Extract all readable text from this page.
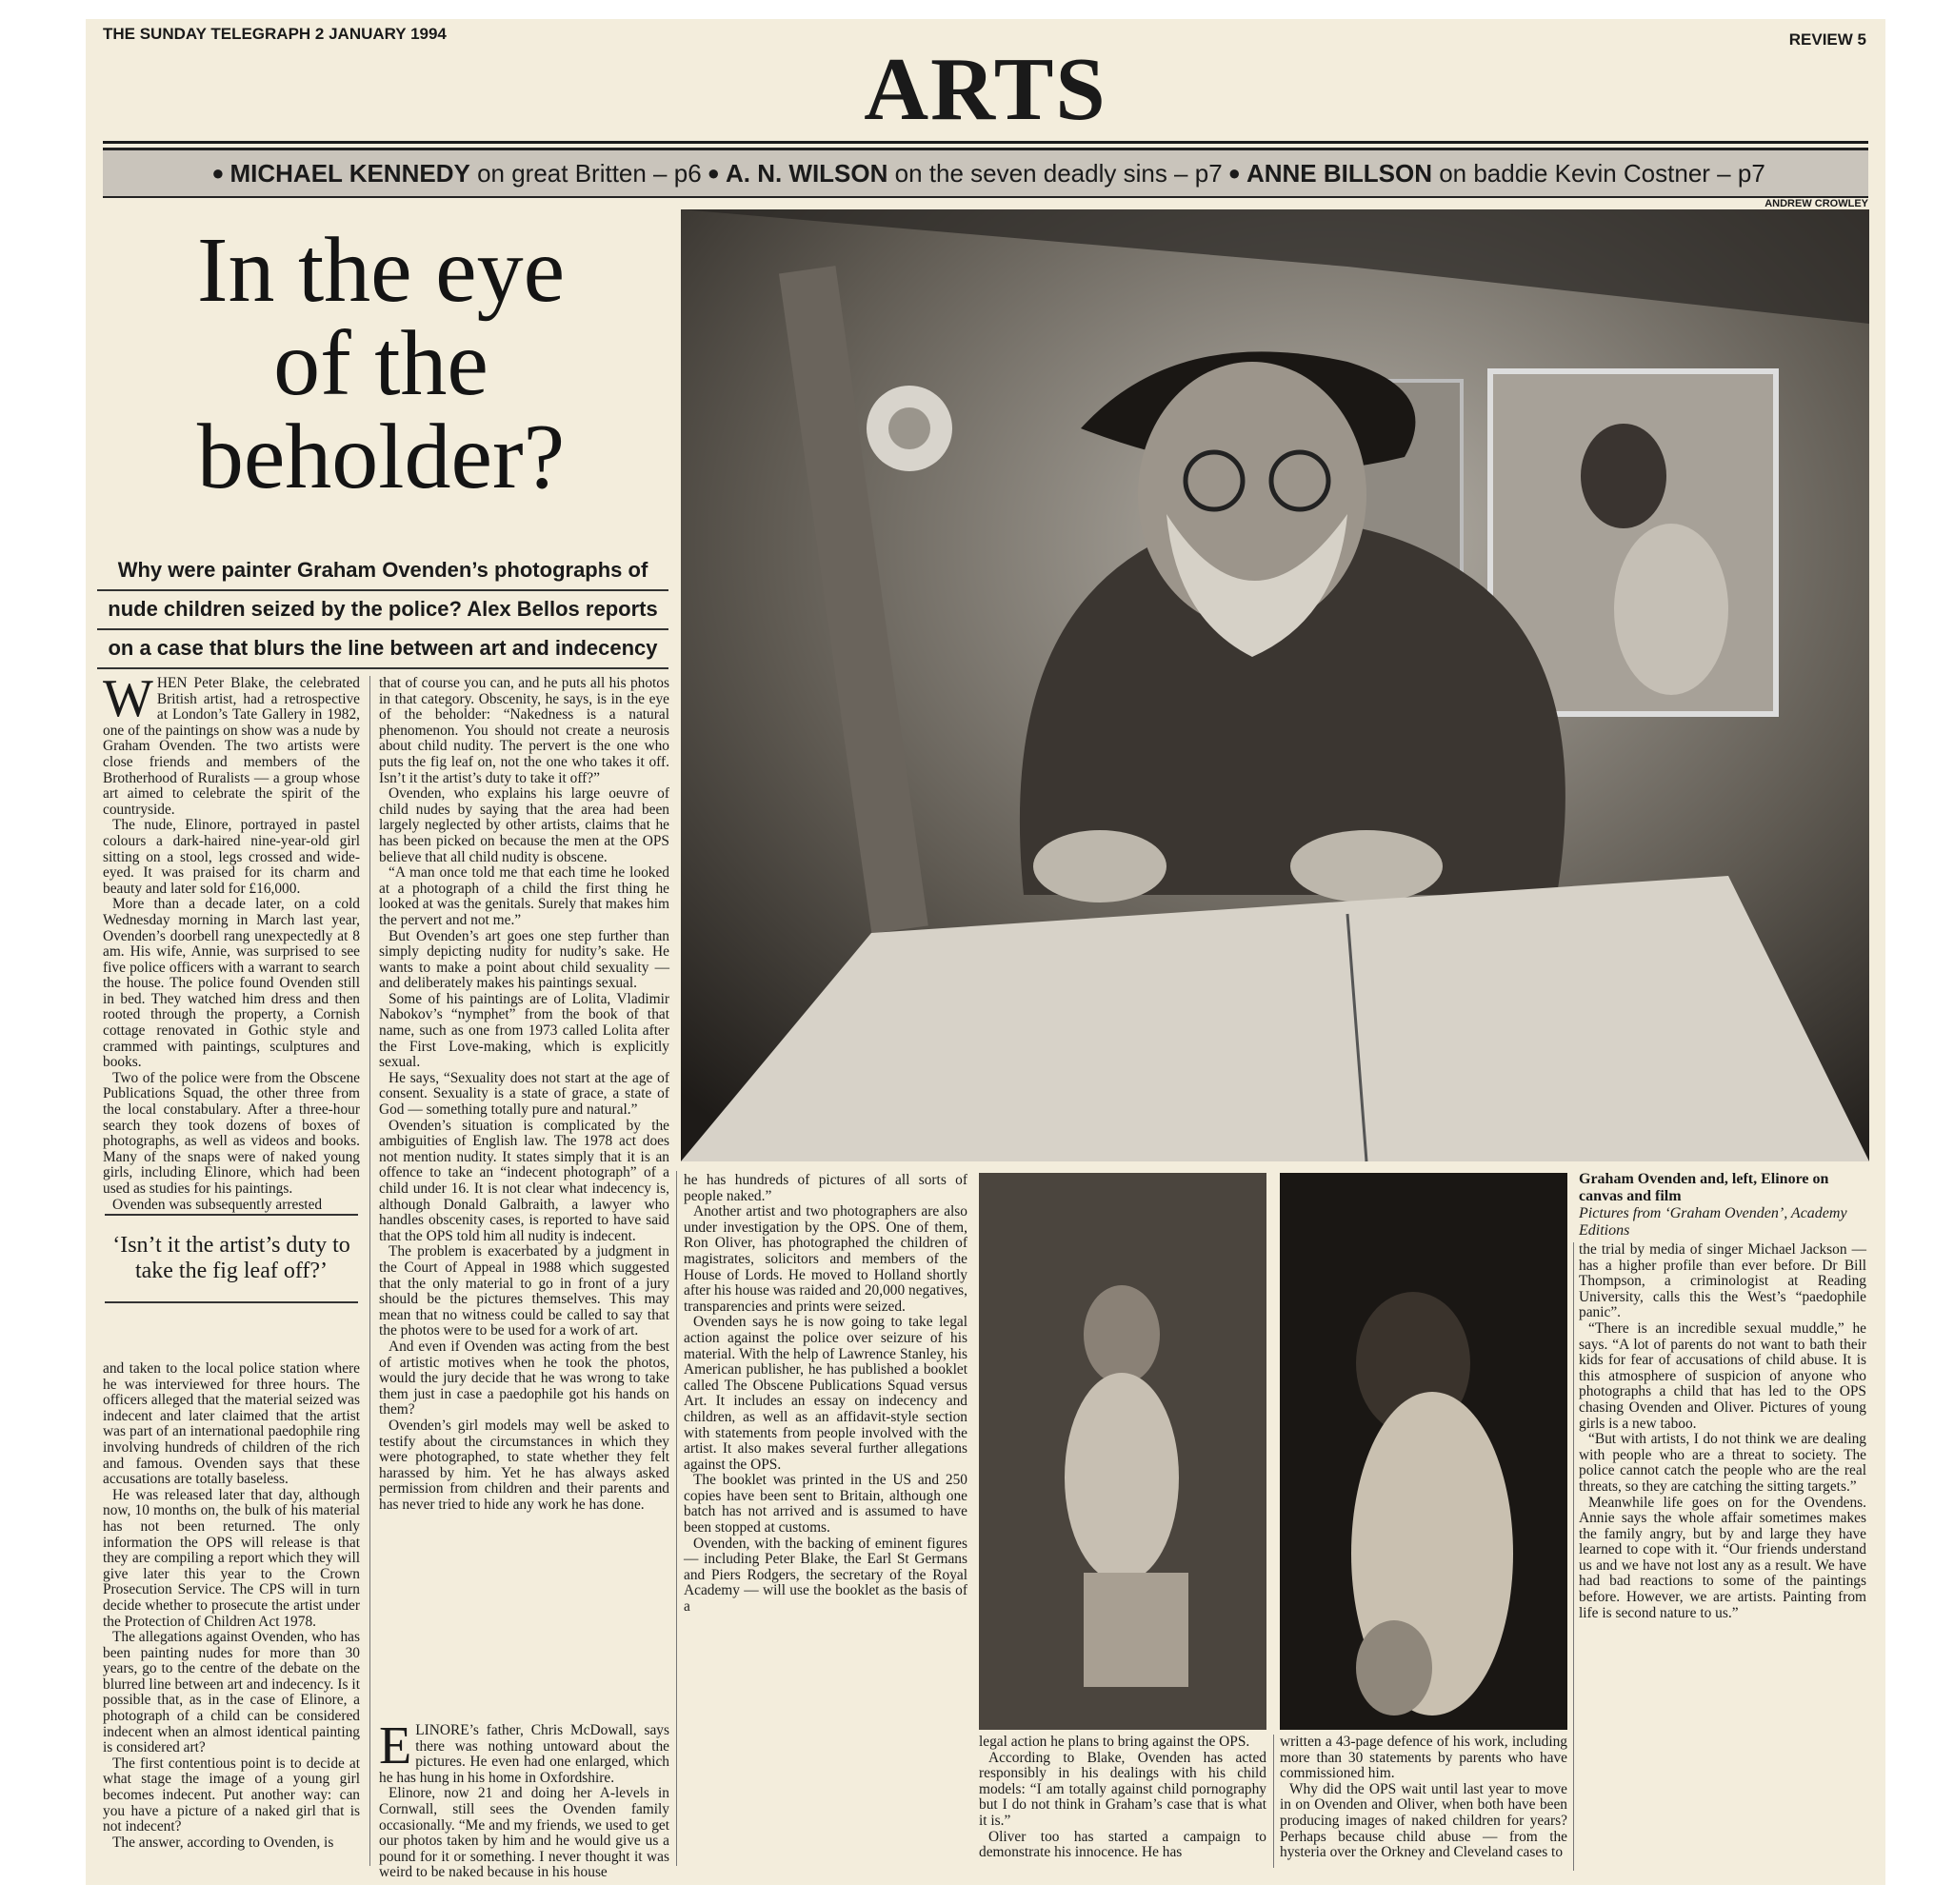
THE SUNDAY TELEGRAPH 2 JANUARY 1994	REVIEW 5
ARTS
● MICHAEL KENNEDY
on great Britten – p6 ● A. N. WILSON
on the seven deadly sins – p7 ● ANNE BILLSON
on baddie Kevin Costner – p7
ANDREW CROWLEY
In the eye
of the
beholder?
Why were painter Graham Ovenden’s photographs of
nude children seized by the police? Alex Bellos reports
on a case that blurs the line between art and indecency

WHEN Peter Blake, the celebrated British artist, had a retrospective at London’s Tate Gallery in 1982, one of the paintings on show was a nude by Graham Ovenden. The two artists were close friends and members of the Brotherhood of Ruralists — a group whose art aimed to celebrate the spirit of the countryside.

The nude, Elinore, portrayed in pastel colours a dark-haired nine-year-old girl sitting on a stool, legs crossed and wide-eyed. It was praised for its charm and beauty and later sold for £16,000.

More than a decade later, on a cold Wednesday morning in March last year, Ovenden’s doorbell rang unexpectedly at 8 am. His wife, Annie, was surprised to see five police officers with a warrant to search the house. The police found Ovenden still in bed. They watched him dress and then rooted through the property, a Cornish cottage renovated in Gothic style and crammed with paintings, sculptures and books.

Two of the police were from the Obscene Publications Squad, the other three from the local constabulary. After a three-hour search they took dozens of boxes of photographs, as well as videos and books. Many of the snaps were of naked young girls, including Elinore, which had been used as studies for his paintings.

Ovenden was subsequently arrested

‘Isn’t it the artist’s duty to take the fig leaf off?’

and taken to the local police station where he was interviewed for three hours. The officers alleged that the material seized was indecent and later claimed that the artist was part of an international paedophile ring involving hundreds of children of the rich and famous. Ovenden says that these accusations are totally baseless.

He was released later that day, although now, 10 months on, the bulk of his material has not been returned. The only information the OPS will release is that they are compiling a report which they will give later this year to the Crown Prosecution Service. The CPS will in turn decide whether to prosecute the artist under the Protection of Children Act 1978.

The allegations against Ovenden, who has been painting nudes for more than 30 years, go to the centre of the debate on the blurred line between art and indecency. Is it possible that, as in the case of Elinore, a photograph of a child can be considered indecent when an almost identical painting is considered art?

The first contentious point is to decide at what stage the image of a young girl becomes indecent. Put another way: can you have a picture of a naked girl that is not indecent?

The answer, according to Ovenden, is

that of course you can, and he puts all his photos in that category. Obscenity, he says, is in the eye of the beholder: “Nakedness is a natural phenomenon. You should not create a neurosis about child nudity. The pervert is the one who puts the fig leaf on, not the one who takes it off. Isn’t it the artist’s duty to take it off?”

Ovenden, who explains his large oeuvre of child nudes by saying that the area had been largely neglected by other artists, claims that he has been picked on because the men at the OPS believe that all child nudity is obscene.

“A man once told me that each time he looked at a photograph of a child the first thing he looked at was the genitals. Surely that makes him the pervert and not me.”

But Ovenden’s art goes one step further than simply depicting nudity for nudity’s sake. He wants to make a point about child sexuality — and deliberately makes his paintings sexual.

Some of his paintings are of Lolita, Vladimir Nabokov’s “nymphet” from the book of that name, such as one from 1973 called Lolita after the First Love-making, which is explicitly sexual.

He says, “Sexuality does not start at the age of consent. Sexuality is a state of grace, a state of God — something totally pure and natural.”

Ovenden’s situation is complicated by the ambiguities of English law. The 1978 act does not mention nudity. It states simply that it is an offence to take an “indecent photograph” of a child under 16. It is not clear what indecency is, although Donald Galbraith, a lawyer who handles obscenity cases, is reported to have said that the OPS told him all nudity is indecent.

The problem is exacerbated by a judgment in the Court of Appeal in 1988 which suggested that the only material to go in front of a jury should be the pictures themselves. This may mean that no witness could be called to say that the photos were to be used for a work of art.

And even if Ovenden was acting from the best of artistic motives when he took the photos, would the jury decide that he was wrong to take them just in case a paedophile got his hands on them?

Ovenden’s girl models may well be asked to testify about the circumstances in which they were photographed, to state whether they felt harassed by him. Yet he has always asked permission from children and their parents and has never tried to hide any work he has done.

ELINORE’s father, Chris McDowall, says there was nothing untoward about the pictures. He even had one enlarged, which he has hung in his home in Oxfordshire.

Elinore, now 21 and doing her A-levels in Cornwall, still sees the Ovenden family occasionally. “Me and my friends, we used to get our photos taken by him and he would give us a pound for it or something. I never thought it was weird to be naked because in his house

he has hundreds of pictures of all sorts of people naked.”

Another artist and two photographers are also under investigation by the OPS. One of them, Ron Oliver, has photographed the children of magistrates, solicitors and members of the House of Lords. He moved to Holland shortly after his house was raided and 20,000 negatives, transparencies and prints were seized.

Ovenden says he is now going to take legal action against the police over seizure of his material. With the help of Lawrence Stanley, his American publisher, he has published a booklet called The Obscene Publications Squad versus Art. It includes an essay on indecency and children, as well as an affidavit-style section with statements from people involved with the artist. It also makes several further allegations against the OPS.

The booklet was printed in the US and 250 copies have been sent to Britain, although one batch has not arrived and is assumed to have been stopped at customs.

Ovenden, with the backing of eminent figures — including Peter Blake, the Earl St Germans and Piers Rodgers, the secretary of the Royal Academy — will use the booklet as the basis of a

Graham Ovenden and, left, Elinore on canvas and film
Pictures from ‘Graham Ovenden’, Academy Editions

legal action he plans to bring against the OPS.

According to Blake, Ovenden has acted responsibly in his dealings with his child models: “I am totally against child pornography but I do not think in Graham’s case that is what it is.”

Oliver too has started a campaign to demonstrate his innocence. He has

written a 43-page defence of his work, including more than 30 statements by parents who have commissioned him.

Why did the OPS wait until last year to move in on Ovenden and Oliver, when both have been producing images of naked children for years? Perhaps because child abuse — from the hysteria over the Orkney and Cleveland cases to

the trial by media of singer Michael Jackson — has a higher profile than ever before. Dr Bill Thompson, a criminologist at Reading University, calls this the West’s “paedophile panic”.

“There is an incredible sexual muddle,” he says. “A lot of parents do not want to bath their kids for fear of accusations of child abuse. It is this atmosphere of suspicion of anyone who photographs a child that has led to the OPS chasing Ovenden and Oliver. Pictures of young girls is a new taboo.

“But with artists, I do not think we are dealing with people who are a threat to society. The police cannot catch the people who are the real threats, so they are catching the sitting targets.”

Meanwhile life goes on for the Ovendens. Annie says the whole affair sometimes makes the family angry, but by and large they have learned to cope with it. “Our friends understand us and we have not lost any as a result. We have had bad reactions to some of the paintings before. However, we are artists. Painting from life is second nature to us.”
